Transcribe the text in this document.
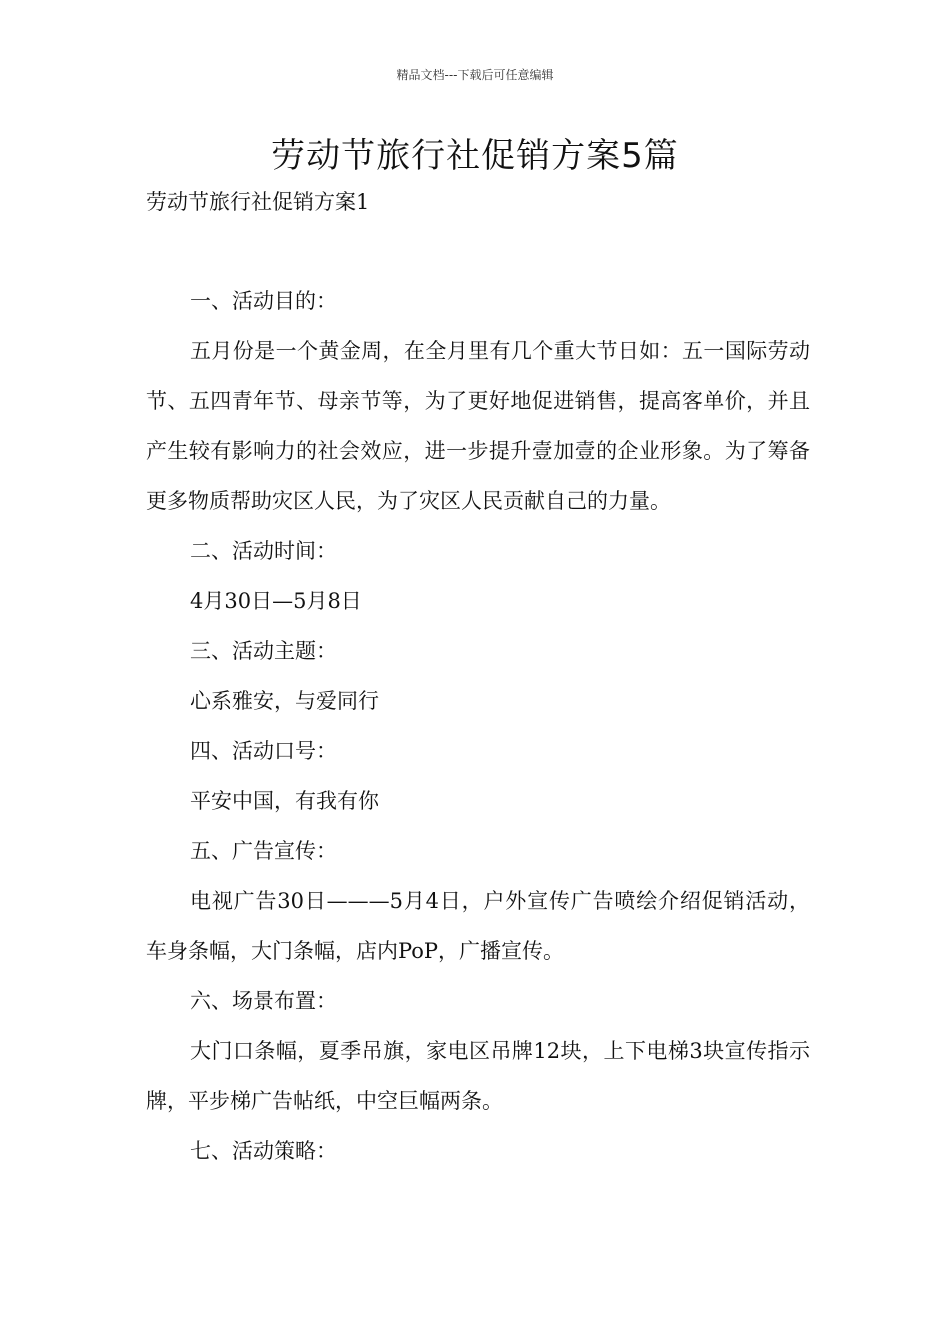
精品文档---下载后可任意编辑
劳动节旅行社促销方案5篇
劳动节旅行社促销方案1

一、活动目的：

五月份是一个黄金周，在全月里有几个重大节日如：五一国际劳动节、五四青年节、母亲节等，为了更好地促进销售，提高客单价，并且产生较有影响力的社会效应，进一步提升壹加壹的企业形象。为了筹备更多物质帮助灾区人民，为了灾区人民贡献自己的力量。

二、活动时间：

4月30日—5月8日

三、活动主题：

心系雅安，与爱同行

四、活动口号：

平安中国，有我有你

五、广告宣传：

电视广告30日———5月4日，户外宣传广告喷绘介绍促销活动，车身条幅，大门条幅，店内PoP，广播宣传。

六、场景布置：

大门口条幅，夏季吊旗，家电区吊牌12块，上下电梯3块宣传指示牌，平步梯广告帖纸，中空巨幅两条。

七、活动策略：
